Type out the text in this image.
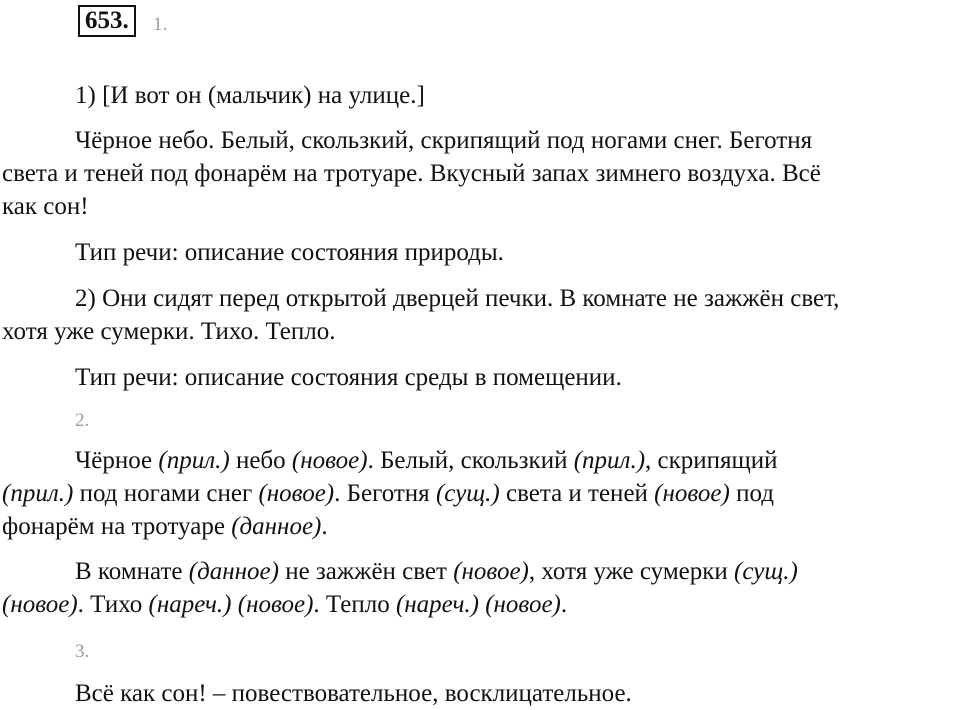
653.	1.
1) [И вот он (мальчик) на улице.]
Чёрное небо. Белый, скользкий, скрипящий под ногами снег. Беготня
света и теней под фонарём на тротуаре. Вкусный запах зимнего воздуха. Всё
как сон!
Тип речи: описание состояния природы.
2) Они сидят перед открытой дверцей печки. В комнате не зажжён свет,
хотя уже сумерки. Тихо. Тепло.
Тип речи: описание состояния среды в помещении.
2.
Чёрное (прил.) небо (новое). Белый, скользкий (прил.), скрипящий
(прил.) под ногами снег (новое). Беготня (сущ.) света и теней (новое) под
фонарём на тротуаре (данное).
В комнате (данное) не зажжён свет (новое), хотя уже сумерки (сущ.)
(новое). Тихо (нареч.) (новое). Тепло (нареч.) (новое).
3.
Всё как сон! – повествовательное, восклицательное.
